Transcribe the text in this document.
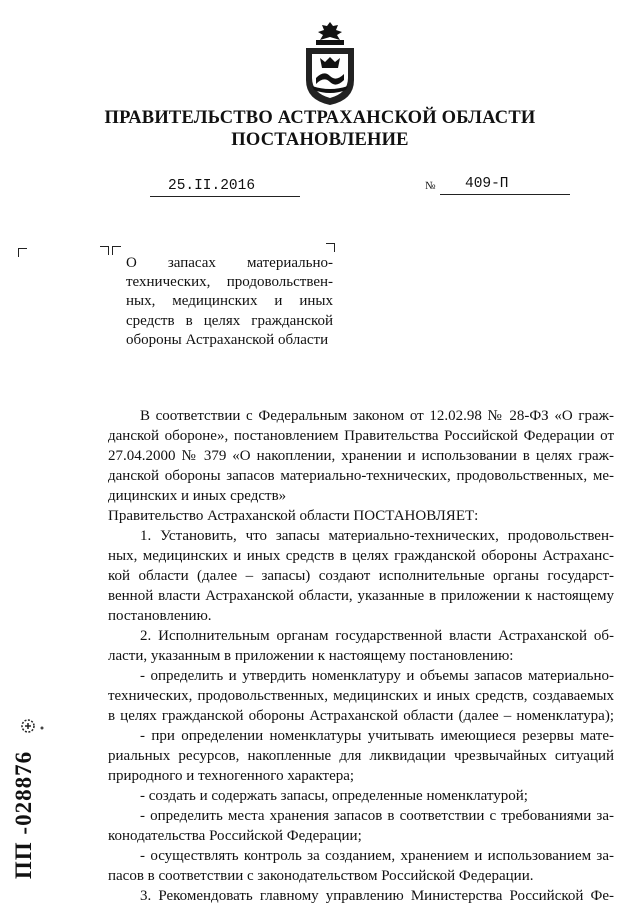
ПРАВИТЕЛЬСТВО АСТРАХАНСКОЙ ОБЛАСТИ
ПОСТАНОВЛЕНИЕ
25.II.2016	№ 409-П
О запасах материально-технических, продовольствен-ных, медицинских и иных средств в целях гражданской обороны Астраханской области

В соответствии с Федеральным законом от 12.02.98 № 28-ФЗ «О граж-

данской обороне», постановлением Правительства Российской Федерации от

27.04.2000 № 379 «О накоплении, хранении и использовании в целях граж-

данской обороны запасов материально-технических, продовольственных, ме-

дицинских и иных средств»

Правительство Астраханской области ПОСТАНОВЛЯЕТ:

1. Установить, что запасы материально-технических, продовольствен-

ных, медицинских и иных средств в целях гражданской обороны Астраханс-

кой области (далее – запасы) создают исполнительные органы государст-

венной власти Астраханской области, указанные в приложении к настоящему

постановлению.

2. Исполнительным органам государственной власти Астраханской об-

ласти, указанным в приложении к настоящему постановлению:

- определить и утвердить номенклатуру и объемы запасов материально-

технических, продовольственных, медицинских и иных средств, создаваемых

в целях гражданской обороны Астраханской области (далее – номенклатура);

- при определении номенклатуры учитывать имеющиеся резервы мате-

риальных ресурсов, накопленные для ликвидации чрезвычайных ситуаций

природного и техногенного характера;

- создать и содержать запасы, определенные номенклатурой;

- определить места хранения запасов в соответствии с требованиями за-

конодательства Российской Федерации;

- осуществлять контроль за созданием, хранением и использованием за-

пасов в соответствии с законодательством Российской Федерации.

3. Рекомендовать главному управлению Министерства Российской Фе-

ПП -028876
